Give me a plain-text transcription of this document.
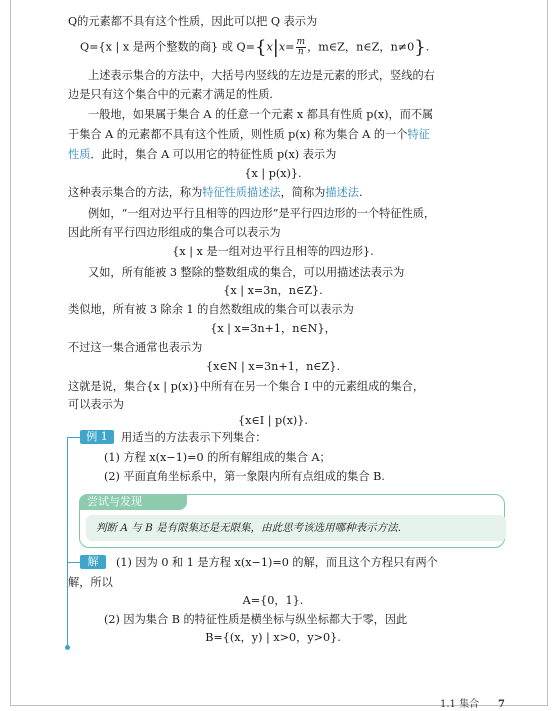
Q的元素都不具有这个性质，因此可以把 Q 表示为
Q={x | x 是两个整数的商} 或 $Q=\{x|x= \frac{m}{n}$ ，m∈Z，n∈Z，n≠0}.
上述表示集合的方法中，大括号内竖线的左边是元素的形式，竖线的右
边是只有这个集合中的元素才满足的性质.
一般地，如果属于集合 A 的任意一个元素 x 都具有性质 p(x)，而不属
于集合 A 的元素都不具有这个性质，则性质 p(x) 称为集合 A 的一个特征
性质．此时，集合 A 可以用它的特征性质 p(x) 表示为
{x | p(x)}.
这种表示集合的方法，称为特征性质描述法，简称为描述法.
例如，“一组对边平行且相等的四边形”是平行四边形的一个特征性质，
因此所有平行四边形组成的集合可以表示为
{x | x 是一组对边平行且相等的四边形}.
又如，所有能被 3 整除的整数组成的集合，可以用描述法表示为
{x | x=3n，n∈Z}.
类似地，所有被 3 除余 1 的自然数组成的集合可以表示为
{x | x=3n+1，n∈N}，
不过这一集合通常也表示为
{x∈N | x=3n+1，n∈Z}.
这就是说，集合{x | p(x)}中所有在另一个集合 I 中的元素组成的集合，
可以表示为
{x∈I | p(x)}.
例 1	用适当的方法表示下列集合：
(1) 方程 x(x−1)=0 的所有解组成的集合 A；
(2) 平面直角坐标系中，第一象限内所有点组成的集合 B.
尝试与发现
判断 A 与 B 是有限集还是无限集，由此思考该选用哪种表示方法.
解	(1) 因为 0 和 1 是方程 x(x−1)=0 的解，而且这个方程只有两个
解，所以
A={0，1}.
(2) 因为集合 B 的特征性质是横坐标与纵坐标都大于零，因此
B={(x，y) | x>0，y>0}.
1.1 集合 7
